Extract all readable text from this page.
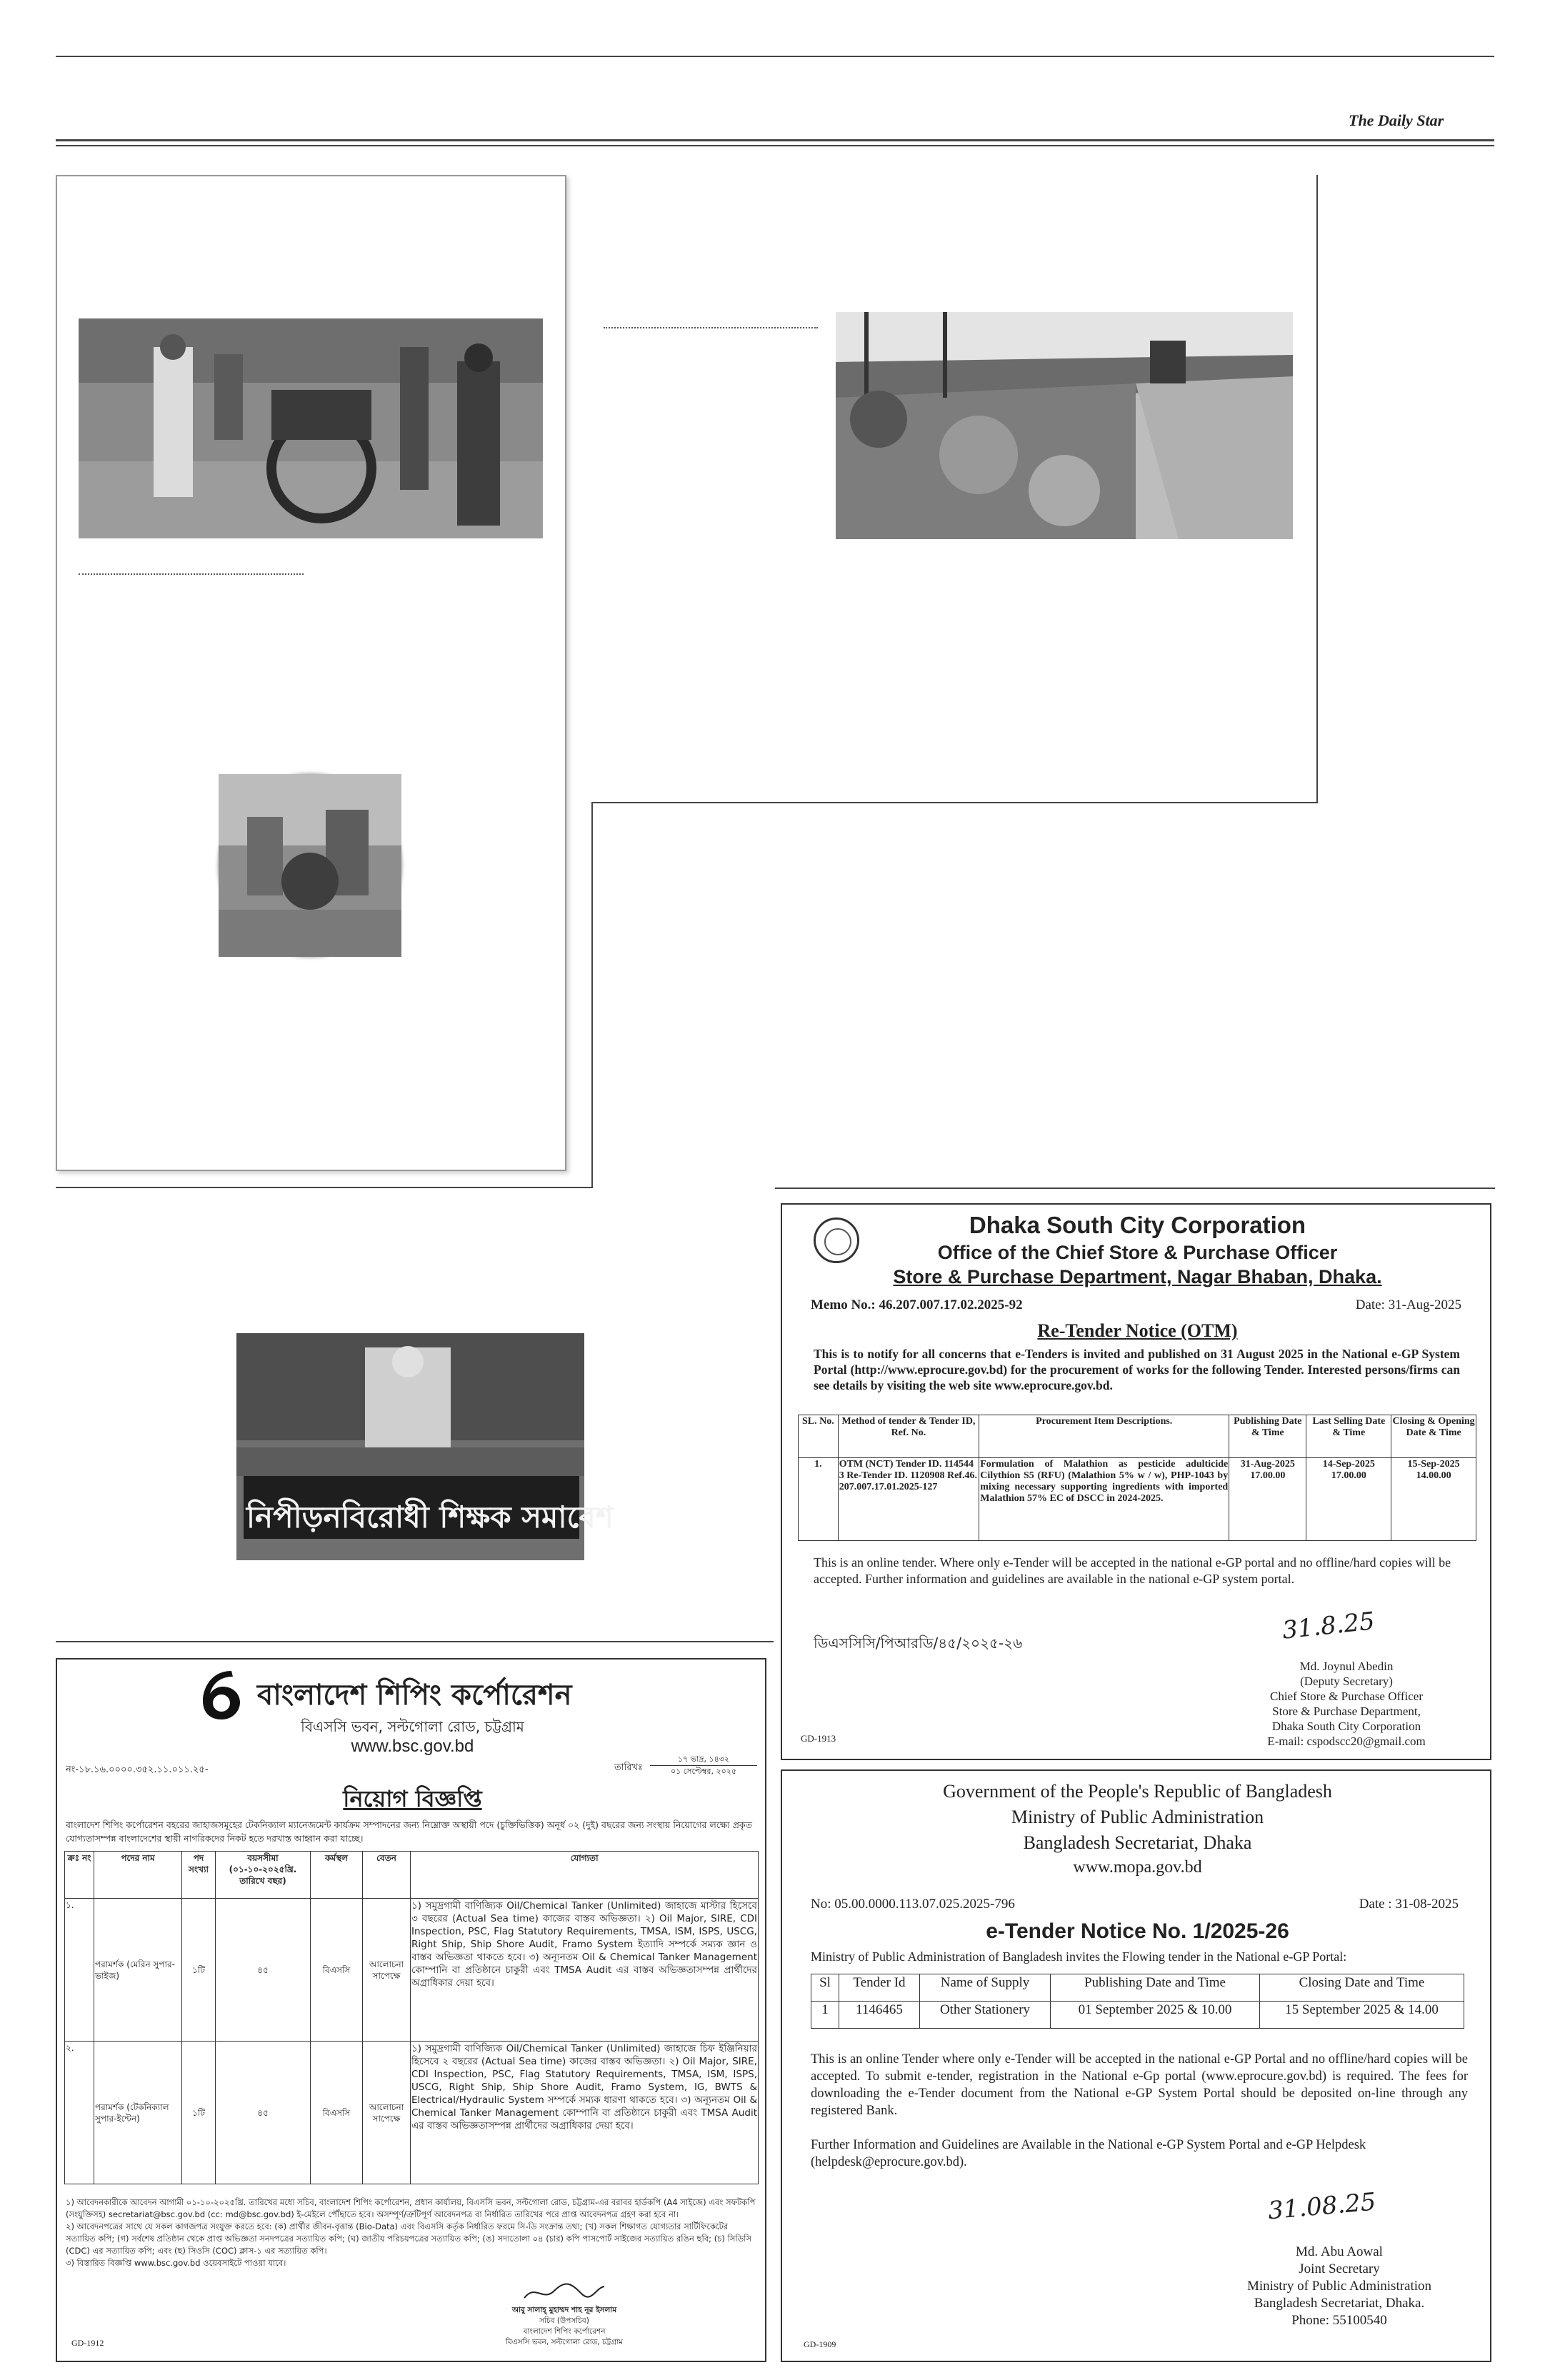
The Daily Star
নিপীড়নবিরোধী শিক্ষক সমাবেশ
Dhaka South City Corporation
Office of the Chief Store & Purchase Officer
Store & Purchase Department, Nagar Bhaban, Dhaka.
Memo No.: 46.207.007.17.02.2025-92	Date: 31-Aug-2025
Re-Tender Notice (OTM)
This is to notify for all concerns that e-Tenders is invited and published on 31 August 2025 in the National e-GP System Portal (http://www.eprocure.gov.bd) for the procurement of works for the following Tender. Interested persons/firms can see details by visiting the web site www.eprocure.gov.bd.
SL. No.	Method of tender & Tender ID, Ref. No.	Procurement Item Descriptions.	Publishing Date & Time	Last Selling Date & Time	Closing & Opening Date & Time
1.	OTM (NCT) Tender ID. 1145443 Re-Tender ID. 1120908 Ref.46.207.007.17.01.2025-127	Formulation of Malathion as pesticide adulticide Cilythion S5 (RFU) (Malathion 5% w / w), PHP-1043 by mixing necessary supporting ingredients with imported Malathion 57% EC of DSCC in 2024-2025.	31-Aug-2025 17.00.00	14-Sep-2025 17.00.00	15-Sep-2025 14.00.00
This is an online tender. Where only e-Tender will be accepted in the national e-GP portal and no offline/hard copies will be accepted. Further information and guidelines are available in the national e-GP system portal.
ডিএসসিসি/পিআরডি/৪৫/২০২৫-২৬	31.8.25
Md. Joynul Abedin
(Deputy Secretary)
Chief Store & Purchase Officer
Store & Purchase Department,
Dhaka South City Corporation
E-mail: cspodscc20@gmail.com
GD-1913
Government of the People's Republic of Bangladesh
Ministry of Public Administration
Bangladesh Secretariat, Dhaka
www.mopa.gov.bd
No: 05.00.0000.113.07.025.2025-796	Date : 31-08-2025
e-Tender Notice No. 1/2025-26
Ministry of Public Administration of Bangladesh invites the Flowing tender in the National e-GP Portal:
Sl	Tender Id	Name of Supply	Publishing Date and Time	Closing Date and Time
1	1146465	Other Stationery	01 September 2025 & 10.00	15 September 2025 & 14.00
This is an online Tender where only e-Tender will be accepted in the national e-GP Portal and no offline/hard copies will be accepted. To submit e-tender, registration in the National e-Gp portal (www.eprocure.gov.bd) is required. The fees for downloading the e-Tender document from the National e-GP System Portal should be deposited on-line through any registered Bank.
Further Information and Guidelines are Available in the National e-GP System Portal and e-GP Helpdesk (helpdesk@eprocure.gov.bd).
31.08.25
Md. Abu Aowal
Joint Secretary
Ministry of Public Administration
Bangladesh Secretariat, Dhaka.
Phone: 55100540
GD-1909
বাংলাদেশ শিপিং কর্পোরেশন
বিএসসি ভবন, সল্টগোলা রোড, চট্টগ্রাম
www.bsc.gov.bd
নং-১৮.১৬.০০০০.৩৫২.১১.০১১.২৫-	তারিখঃ
১৭ ভাদ্র, ১৪৩২
০১ সেপ্টেম্বর, ২০২৫
নিয়োগ বিজ্ঞপ্তি
বাংলাদেশ শিপিং কর্পোরেশন বহরের জাহাজসমূহের টেকনিক্যাল ম্যানেজমেন্ট কার্যক্রম সম্পাদনের জন্য নিম্নোক্ত অস্থায়ী পদে (চুক্তিভিত্তিক) অনূর্ধ ০২ (দুই) বছরের জন্য সংস্থায় নিয়োগের লক্ষ্যে প্রকৃত যোগ্যতাসম্পন্ন বাংলাদেশের স্থায়ী নাগরিকদের নিকট হতে দরখাস্ত আহ্বান করা যাচ্ছে।
ক্রঃ নং	পদের নাম	পদ সংখ্যা	বয়সসীমা (০১-১০-২০২৫খ্রি. তারিখে বছর)	কর্মস্থল	বেতন	যোগ্যতা
১.	পরামর্শক (মেরিন সুপার-ভাইজ)	১টি	৪৫	বিএসসি	আলোচনা সাপেক্ষে	১) সমুদ্রগামী বাণিজ্যিক Oil/Chemical Tanker (Unlimited) জাহাজে মাস্টার হিসেবে ৩ বছরের (Actual Sea time) কাজের বাস্তব অভিজ্ঞতা। ২) Oil Major, SIRE, CDI Inspection, PSC, Flag Statutory Requirements, TMSA, ISM, ISPS, USCG, Right Ship, Ship Shore Audit, Framo System ইত্যাদি সম্পর্কে সম্যক জ্ঞান ও বাস্তব অভিজ্ঞতা থাকতে হবে। ৩) অন্যূনতম Oil & Chemical Tanker Management কোম্পানি বা প্রতিষ্ঠানে চাকুরী এবং TMSA Audit এর বাস্তব অভিজ্ঞতাসম্পন্ন প্রার্থীদের অগ্রাধিকার দেয়া হবে।
২.	পরামর্শক (টেকনিক্যাল সুপার-ইন্টেন)	১টি	৪৫	বিএসসি	আলোচনা সাপেক্ষে	১) সমুদ্রগামী বাণিজ্যিক Oil/Chemical Tanker (Unlimited) জাহাজে চিফ ইঞ্জিনিয়ার হিসেবে ২ বছরের (Actual Sea time) কাজের বাস্তব অভিজ্ঞতা। ২) Oil Major, SIRE, CDI Inspection, PSC, Flag Statutory Requirements, TMSA, ISM, ISPS, USCG, Right Ship, Ship Shore Audit, Framo System, IG, BWTS & Electrical/Hydraulic System সম্পর্কে সম্যক ধারণা থাকতে হবে। ৩) অন্যূনতম Oil & Chemical Tanker Management কোম্পানি বা প্রতিষ্ঠানে চাকুরী এবং TMSA Audit এর বাস্তব অভিজ্ঞতাসম্পন্ন প্রার্থীদের অগ্রাধিকার দেয়া হবে।
১) আবেদনকারীকে আবেদন আগামী ০১-১০-২০২৫খ্রি. তারিখের মধ্যে সচিব, বাংলাদেশ শিপিং কর্পোরেশন, প্রধান কার্যালয়, বিএসসি ভবন, সল্টগোলা রোড, চট্টগ্রাম-এর বরাবর হার্ডকপি (A4 সাইজে) এবং সফটকপি (সংযুক্তিসহ) secretariat@bsc.gov.bd (cc: md@bsc.gov.bd) ই-মেইলে পৌঁছাতে হবে। অসম্পূর্ণ/ত্রুটিপূর্ণ আবেদনপত্র বা নির্ধারিত তারিখের পরে প্রাপ্ত আবেদনপত্র গ্রহণ করা হবে না।
২) আবেদনপত্রের সাথে যে সকল কাগজপত্র সংযুক্ত করতে হবে: (ক) প্রার্থীর জীবন-বৃত্তান্ত (Bio-Data) এবং বিএসসি কর্তৃক নির্ধারিত ফরমে সি-ডি সংক্রান্ত তথ্য; (খ) সকল শিক্ষাগত যোগ্যতার সার্টিফিকেটের সত্যায়িত কপি; (গ) সর্বশেষ প্রতিষ্ঠান থেকে প্রাপ্ত অভিজ্ঞতা সনদপত্রের সত্যায়িত কপি; (ঘ) জাতীয় পরিচয়পত্রের সত্যায়িত কপি; (ঙ) সদ্যতোলা ০৪ (চার) কপি পাসপোর্ট সাইজের সত্যায়িত রঙিন ছবি; (চ) সিডিসি (CDC) এর সত্যায়িত কপি; এবং (ছ) সিওসি (COC) ক্লাস-১ এর সত্যায়িত কপি।
৩) বিস্তারিত বিজ্ঞপ্তি www.bsc.gov.bd ওয়েবসাইটে পাওয়া যাবে।
আবু সালাহ্‌ মুহাম্মদ শাহ নূর ইসলাম
সচিব (উপসচিব)
বাংলাদেশ শিপিং কর্পোরেশন
বিএসসি ভবন, সল্টগোলা রোড, চট্টগ্রাম
GD-1912
